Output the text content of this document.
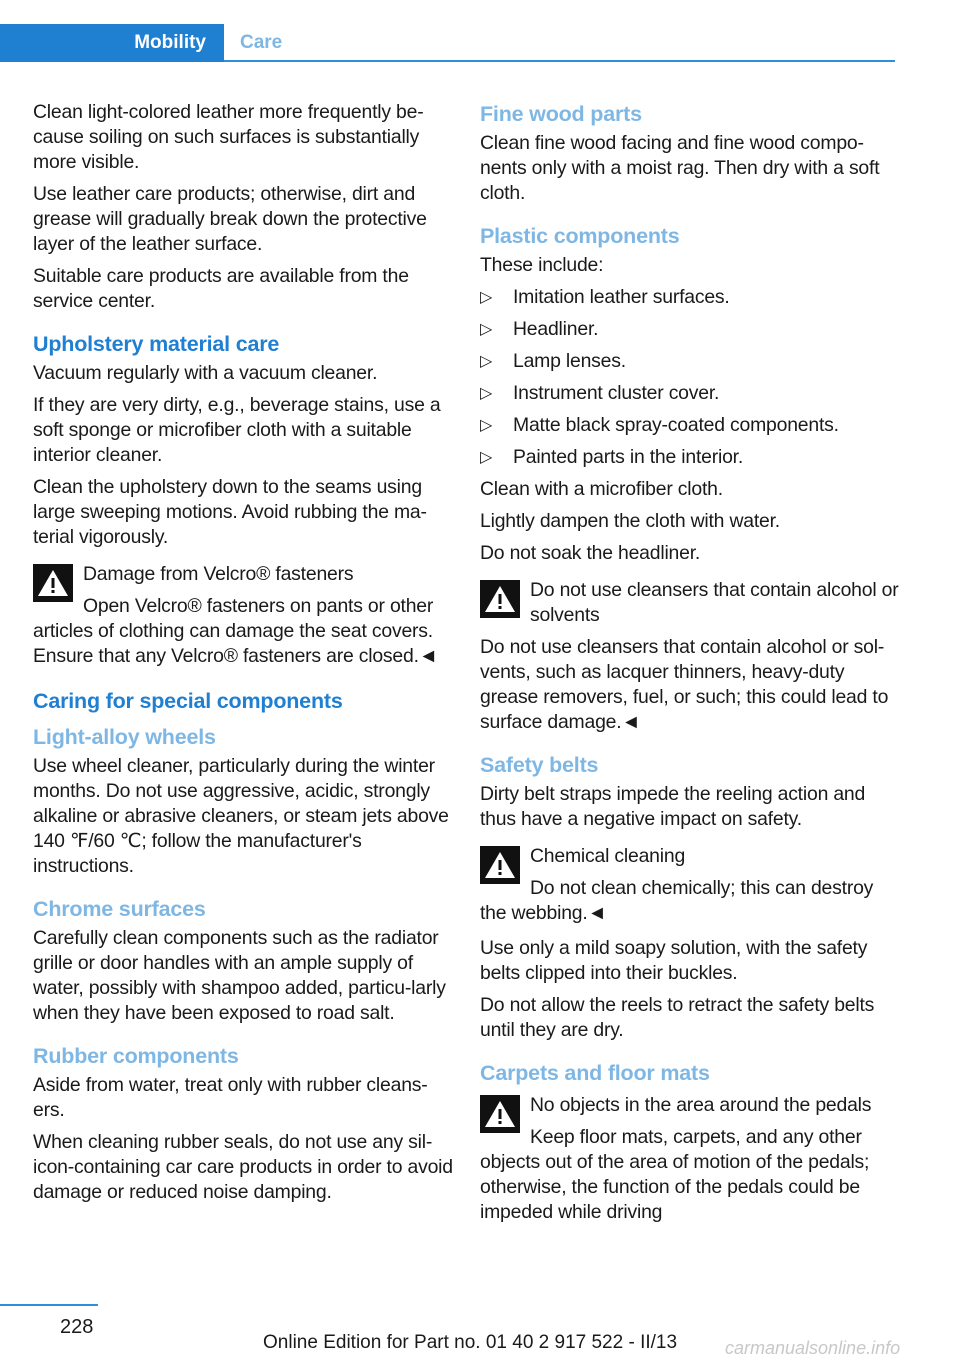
Mobility	Care
Clean light-colored leather more frequently be-cause soiling on such surfaces is substantially more visible.
Use leather care products; otherwise, dirt and grease will gradually break down the protective layer of the leather surface.
Suitable care products are available from the service center.
Upholstery material care
Vacuum regularly with a vacuum cleaner.
If they are very dirty, e.g., beverage stains, use a soft sponge or microfiber cloth with a suitable interior cleaner.
Clean the upholstery down to the seams using large sweeping motions. Avoid rubbing the ma-terial vigorously.
Damage from Velcro® fasteners
Open Velcro® fasteners on pants or other articles of clothing can damage the seat covers. Ensure that any Velcro® fasteners are closed.◄
Caring for special components
Light-alloy wheels
Use wheel cleaner, particularly during the winter months. Do not use aggressive, acidic, strongly alkaline or abrasive cleaners, or steam jets above 140 ℉/60 ℃; follow the manufacturer's instructions.
Chrome surfaces
Carefully clean components such as the radiator grille or door handles with an ample supply of water, possibly with shampoo added, particu-larly when they have been exposed to road salt.
Rubber components
Aside from water, treat only with rubber cleans-ers.
When cleaning rubber seals, do not use any sil-icon-containing car care products in order to avoid damage or reduced noise damping.
Fine wood parts
Clean fine wood facing and fine wood compo-nents only with a moist rag. Then dry with a soft cloth.
Plastic components
These include:
▷ Imitation leather surfaces.
▷ Headliner.
▷ Lamp lenses.
▷ Instrument cluster cover.
▷ Matte black spray-coated components.
▷ Painted parts in the interior.
Clean with a microfiber cloth.
Lightly dampen the cloth with water.
Do not soak the headliner.
Do not use cleansers that contain alcohol or solvents
Do not use cleansers that contain alcohol or sol-vents, such as lacquer thinners, heavy-duty grease removers, fuel, or such; this could lead to surface damage.◄
Safety belts
Dirty belt straps impede the reeling action and thus have a negative impact on safety.
Chemical cleaning
Do not clean chemically; this can destroy the webbing.◄
Use only a mild soapy solution, with the safety belts clipped into their buckles.
Do not allow the reels to retract the safety belts until they are dry.
Carpets and floor mats
No objects in the area around the pedals
Keep floor mats, carpets, and any other objects out of the area of motion of the pedals; otherwise, the function of the pedals could be impeded while driving
228
Online Edition for Part no. 01 40 2 917 522 - II/13	carmanualsonline.info
